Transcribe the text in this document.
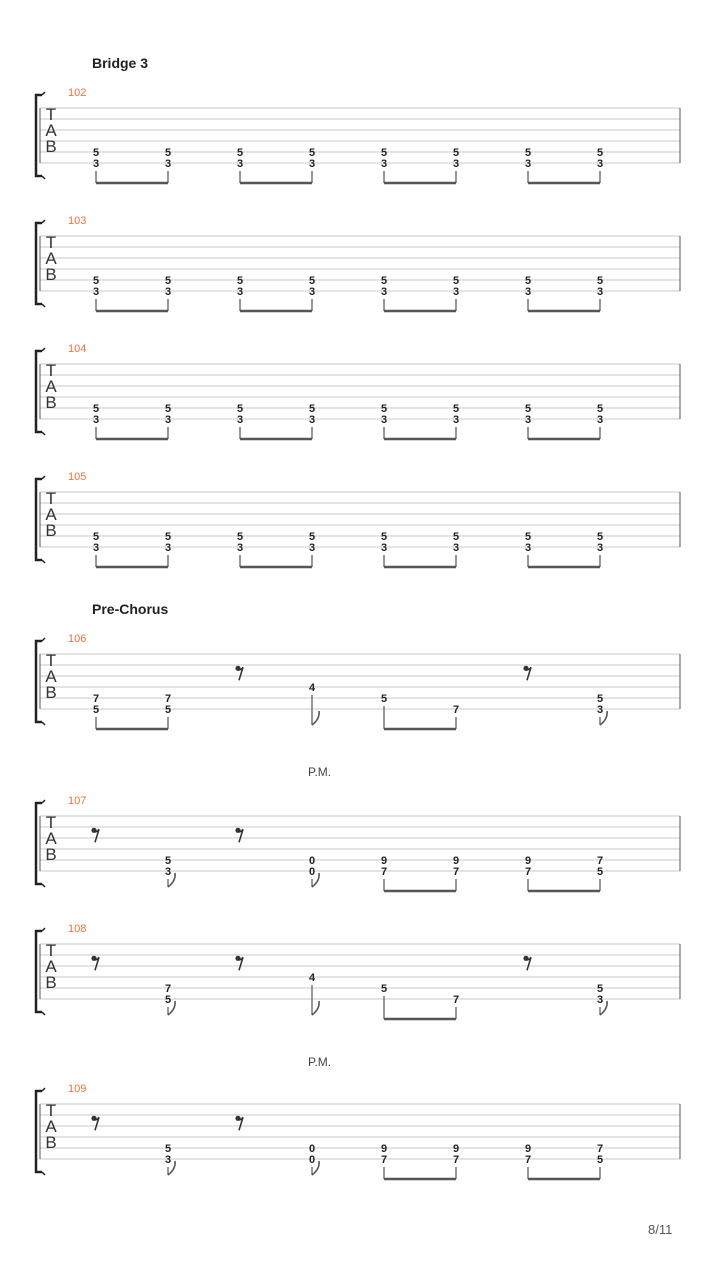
Bridge 3
Pre-Chorus
P.M.
P.M.
102
T
A
B	5
3
5
3
5
3
5
3
5
3
5
3
5
3
5
3
103
T
A
B	5
3
5
3
5
3
5
3
5
3
5
3
5
3
5
3
104
T
A
B	5
3
5
3
5
3
5
3
5
3
5
3
5
3
5
3
105
T
A
B	5
3
5
3
5
3
5
3
5
3
5
3
5
3
5
3
106
T
A
B	7
5
7
5
4
5
7
5
3
107
T
A
B	5
3
0
0
9
7
9
7
9
7
7
5
108
T
A
B	7
5
4
5
7
5
3
109
T
A
B	5
3
0
0
9
7
9
7
9
7
7
5
8/11
